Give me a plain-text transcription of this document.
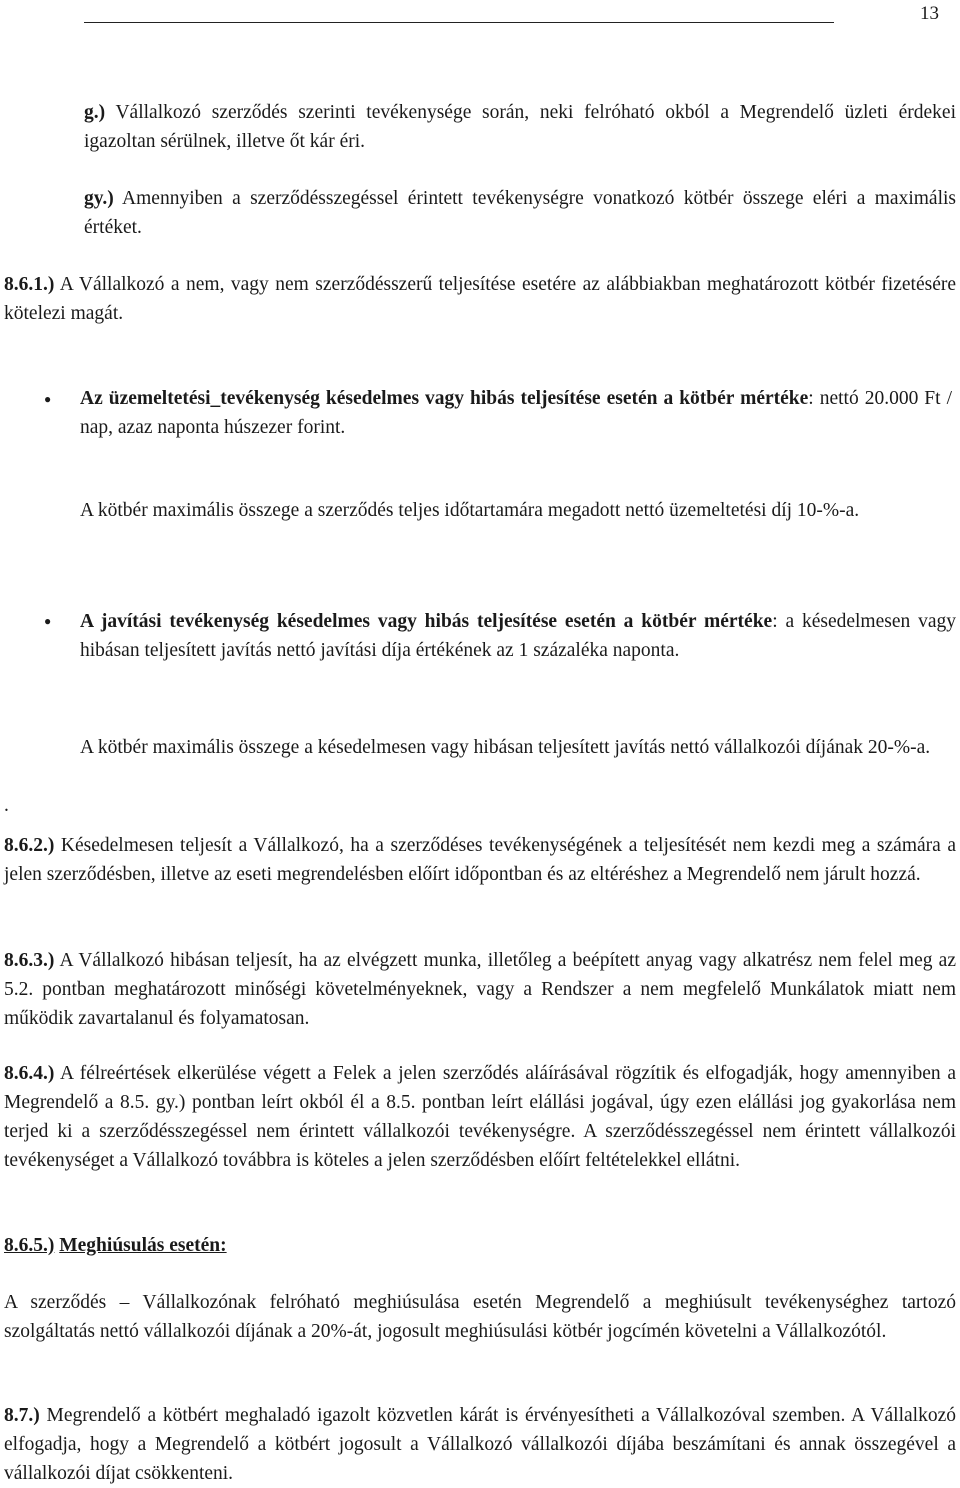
13

g.) Vállalkozó szerződés szerinti tevékenysége során, neki felróható okból a Megrendelő üzleti érdekei igazoltan sérülnek, illetve őt kár éri.

gy.) Amennyiben a szerződésszegéssel érintett tevékenységre vonatkozó kötbér összege eléri a maximális értéket.

8.6.1.) A Vállalkozó a nem, vagy nem szerződésszerű teljesítése esetére az alábbiakban meghatározott kötbér fizetésére kötelezi magát.

● Az üzemeltetési_tevékenység késedelmes vagy hibás teljesítése esetén a kötbér mértéke: nettó 20.000 Ft / nap, azaz naponta húszezer forint.

A kötbér maximális összege a szerződés teljes időtartamára megadott nettó üzemeltetési díj 10-%-a.

● A javítási tevékenység késedelmes vagy hibás teljesítése esetén a kötbér mértéke: a késedelmesen vagy hibásan teljesített javítás nettó javítási díja értékének az 1 százaléka naponta.

A kötbér maximális összege a késedelmesen vagy hibásan teljesített javítás nettó vállalkozói díjának 20-%-a.

.

8.6.2.) Késedelmesen teljesít a Vállalkozó, ha a szerződéses tevékenységének a teljesítését nem kezdi meg a számára a jelen szerződésben, illetve az eseti megrendelésben előírt időpontban és az eltéréshez a Megrendelő nem járult hozzá.

8.6.3.) A Vállalkozó hibásan teljesít, ha az elvégzett munka, illetőleg a beépített anyag vagy alkatrész nem felel meg az 5.2. pontban meghatározott minőségi követelményeknek, vagy a Rendszer a nem megfelelő Munkálatok miatt nem működik zavartalanul és folyamatosan.

8.6.4.) A félreértések elkerülése végett a Felek a jelen szerződés aláírásával rögzítik és elfogadják, hogy amennyiben a Megrendelő a 8.5. gy.) pontban leírt okból él a 8.5. pontban leírt elállási jogával, úgy ezen elállási jog gyakorlása nem terjed ki a szerződésszegéssel nem érintett vállalkozói tevékenységre. A szerződésszegéssel nem érintett vállalkozói tevékenységet a Vállalkozó továbbra is köteles a jelen szerződésben előírt feltételekkel ellátni.

8.6.5.) Meghiúsulás esetén:

A szerződés – Vállalkozónak felróható meghiúsulása esetén Megrendelő a meghiúsult tevékenységhez tartozó szolgáltatás nettó vállalkozói díjának a 20%-át, jogosult meghiúsulási kötbér jogcímén követelni a Vállalkozótól.

8.7.) Megrendelő a kötbért meghaladó igazolt közvetlen kárát is érvényesítheti a Vállalkozóval szemben. A Vállalkozó elfogadja, hogy a Megrendelő a kötbért jogosult a Vállalkozó vállalkozói díjába beszámítani és annak összegével a vállalkozói díjat csökkenteni.
